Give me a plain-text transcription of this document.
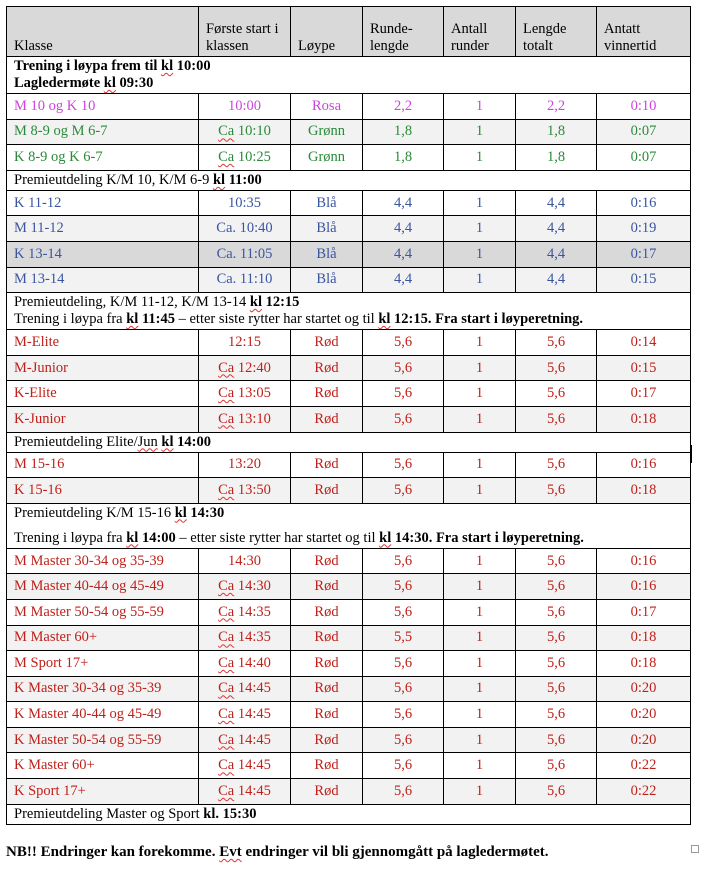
Klasse	Første start i klassen	Løype	Runde-lengde	Antall runder	Lengde totalt	Antatt vinnertid

Trening i løypa frem til kl 10:00
Lagledermøte kl 09:30						

M 10 og K 10	10:00	Rosa	2,2	1	2,2	0:10
M 8-9 og M 6-7	Ca 10:10	Grønn	1,8	1	1,8	0:07
K 8-9 og K 6-7	Ca 10:25	Grønn	1,8	1	1,8	0:07

Premieutdeling K/M 10, K/M 6-9 kl 11:00						

K 11-12	10:35	Blå	4,4	1	4,4	0:16
M 11-12	Ca. 10:40	Blå	4,4	1	4,4	0:19
K 13-14	Ca. 11:05	Blå	4,4	1	4,4	0:17
M 13-14	Ca. 11:10	Blå	4,4	1	4,4	0:15

Premieutdeling, K/M 11-12, K/M 13-14 kl 12:15
Trening i løypa fra kl 11:45 – etter siste rytter har startet og til kl 12:15. Fra start i løyperetning.						

M-Elite	12:15	Rød	5,6	1	5,6	0:14
M-Junior	Ca 12:40	Rød	5,6	1	5,6	0:15
K-Elite	Ca 13:05	Rød	5,6	1	5,6	0:17
K-Junior	Ca 13:10	Rød	5,6	1	5,6	0:18

Premieutdeling Elite/Jun kl 14:00						

M 15-16	13:20	Rød	5,6	1	5,6	0:16
K 15-16	Ca 13:50	Rød	5,6	1	5,6	0:18

Premieutdeling K/M 15-16 kl 14:30
Trening i løypa fra kl 14:00 – etter siste rytter har startet og til kl 14:30. Fra start i løyperetning.						

M Master 30-34 og 35-39	14:30	Rød	5,6	1	5,6	0:16
M Master 40-44 og 45-49	Ca 14:30	Rød	5,6	1	5,6	0:16
M Master 50-54 og 55-59	Ca 14:35	Rød	5,6	1	5,6	0:17
M Master 60+	Ca 14:35	Rød	5,5	1	5,6	0:18
M Sport 17+	Ca 14:40	Rød	5,6	1	5,6	0:18
K Master 30-34 og 35-39	Ca 14:45	Rød	5,6	1	5,6	0:20
K Master 40-44 og 45-49	Ca 14:45	Rød	5,6	1	5,6	0:20
K Master 50-54 og 55-59	Ca 14:45	Rød	5,6	1	5,6	0:20
K Master 60+	Ca 14:45	Rød	5,6	1	5,6	0:22
K Sport 17+	Ca 14:45	Rød	5,6	1	5,6	0:22

Premieutdeling Master og Sport kl. 15:30						
NB!! Endringer kan forekomme. Evt endringer vil bli gjennomgått på lagledermøtet.
